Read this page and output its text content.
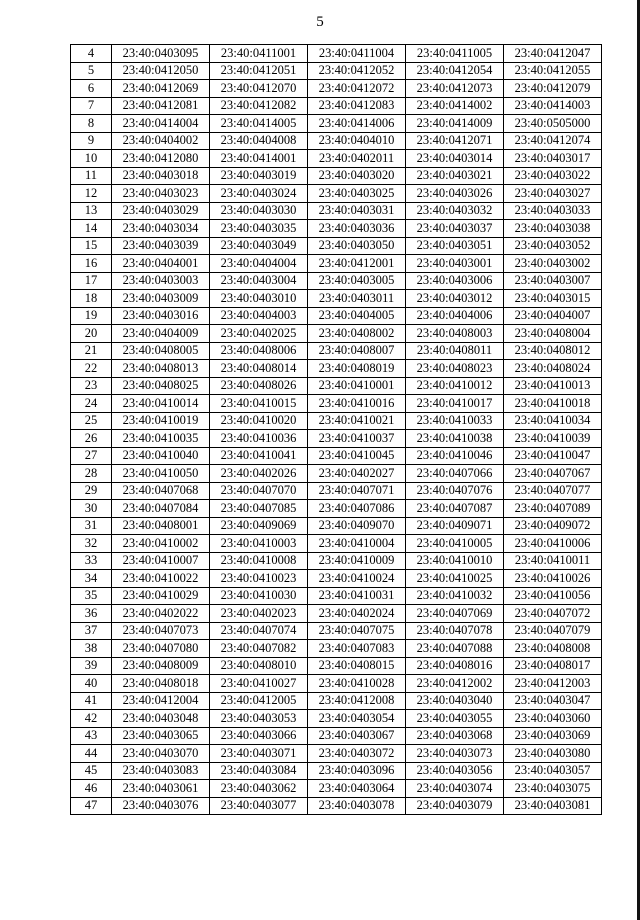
5
4	23:40:0403095	23:40:0411001	23:40:0411004	23:40:0411005	23:40:0412047
5	23:40:0412050	23:40:0412051	23:40:0412052	23:40:0412054	23:40:0412055
6	23:40:0412069	23:40:0412070	23:40:0412072	23:40:0412073	23:40:0412079
7	23:40:0412081	23:40:0412082	23:40:0412083	23:40:0414002	23:40:0414003
8	23:40:0414004	23:40:0414005	23:40:0414006	23:40:0414009	23:40:0505000
9	23:40:0404002	23:40:0404008	23:40:0404010	23:40:0412071	23:40:0412074
10	23:40:0412080	23:40:0414001	23:40:0402011	23:40:0403014	23:40:0403017
11	23:40:0403018	23:40:0403019	23:40:0403020	23:40:0403021	23:40:0403022
12	23:40:0403023	23:40:0403024	23:40:0403025	23:40:0403026	23:40:0403027
13	23:40:0403029	23:40:0403030	23:40:0403031	23:40:0403032	23:40:0403033
14	23:40:0403034	23:40:0403035	23:40:0403036	23:40:0403037	23:40:0403038
15	23:40:0403039	23:40:0403049	23:40:0403050	23:40:0403051	23:40:0403052
16	23:40:0404001	23:40:0404004	23:40:0412001	23:40:0403001	23:40:0403002
17	23:40:0403003	23:40:0403004	23:40:0403005	23:40:0403006	23:40:0403007
18	23:40:0403009	23:40:0403010	23:40:0403011	23:40:0403012	23:40:0403015
19	23:40:0403016	23:40:0404003	23:40:0404005	23:40:0404006	23:40:0404007
20	23:40:0404009	23:40:0402025	23:40:0408002	23:40:0408003	23:40:0408004
21	23:40:0408005	23:40:0408006	23:40:0408007	23:40:0408011	23:40:0408012
22	23:40:0408013	23:40:0408014	23:40:0408019	23:40:0408023	23:40:0408024
23	23:40:0408025	23:40:0408026	23:40:0410001	23:40:0410012	23:40:0410013
24	23:40:0410014	23:40:0410015	23:40:0410016	23:40:0410017	23:40:0410018
25	23:40:0410019	23:40:0410020	23:40:0410021	23:40:0410033	23:40:0410034
26	23:40:0410035	23:40:0410036	23:40:0410037	23:40:0410038	23:40:0410039
27	23:40:0410040	23:40:0410041	23:40:0410045	23:40:0410046	23:40:0410047
28	23:40:0410050	23:40:0402026	23:40:0402027	23:40:0407066	23:40:0407067
29	23:40:0407068	23:40:0407070	23:40:0407071	23:40:0407076	23:40:0407077
30	23:40:0407084	23:40:0407085	23:40:0407086	23:40:0407087	23:40:0407089
31	23:40:0408001	23:40:0409069	23:40:0409070	23:40:0409071	23:40:0409072
32	23:40:0410002	23:40:0410003	23:40:0410004	23:40:0410005	23:40:0410006
33	23:40:0410007	23:40:0410008	23:40:0410009	23:40:0410010	23:40:0410011
34	23:40:0410022	23:40:0410023	23:40:0410024	23:40:0410025	23:40:0410026
35	23:40:0410029	23:40:0410030	23:40:0410031	23:40:0410032	23:40:0410056
36	23:40:0402022	23:40:0402023	23:40:0402024	23:40:0407069	23:40:0407072
37	23:40:0407073	23:40:0407074	23:40:0407075	23:40:0407078	23:40:0407079
38	23:40:0407080	23:40:0407082	23:40:0407083	23:40:0407088	23:40:0408008
39	23:40:0408009	23:40:0408010	23:40:0408015	23:40:0408016	23:40:0408017
40	23:40:0408018	23:40:0410027	23:40:0410028	23:40:0412002	23:40:0412003
41	23:40:0412004	23:40:0412005	23:40:0412008	23:40:0403040	23:40:0403047
42	23:40:0403048	23:40:0403053	23:40:0403054	23:40:0403055	23:40:0403060
43	23:40:0403065	23:40:0403066	23:40:0403067	23:40:0403068	23:40:0403069
44	23:40:0403070	23:40:0403071	23:40:0403072	23:40:0403073	23:40:0403080
45	23:40:0403083	23:40:0403084	23:40:0403096	23:40:0403056	23:40:0403057
46	23:40:0403061	23:40:0403062	23:40:0403064	23:40:0403074	23:40:0403075
47	23:40:0403076	23:40:0403077	23:40:0403078	23:40:0403079	23:40:0403081
